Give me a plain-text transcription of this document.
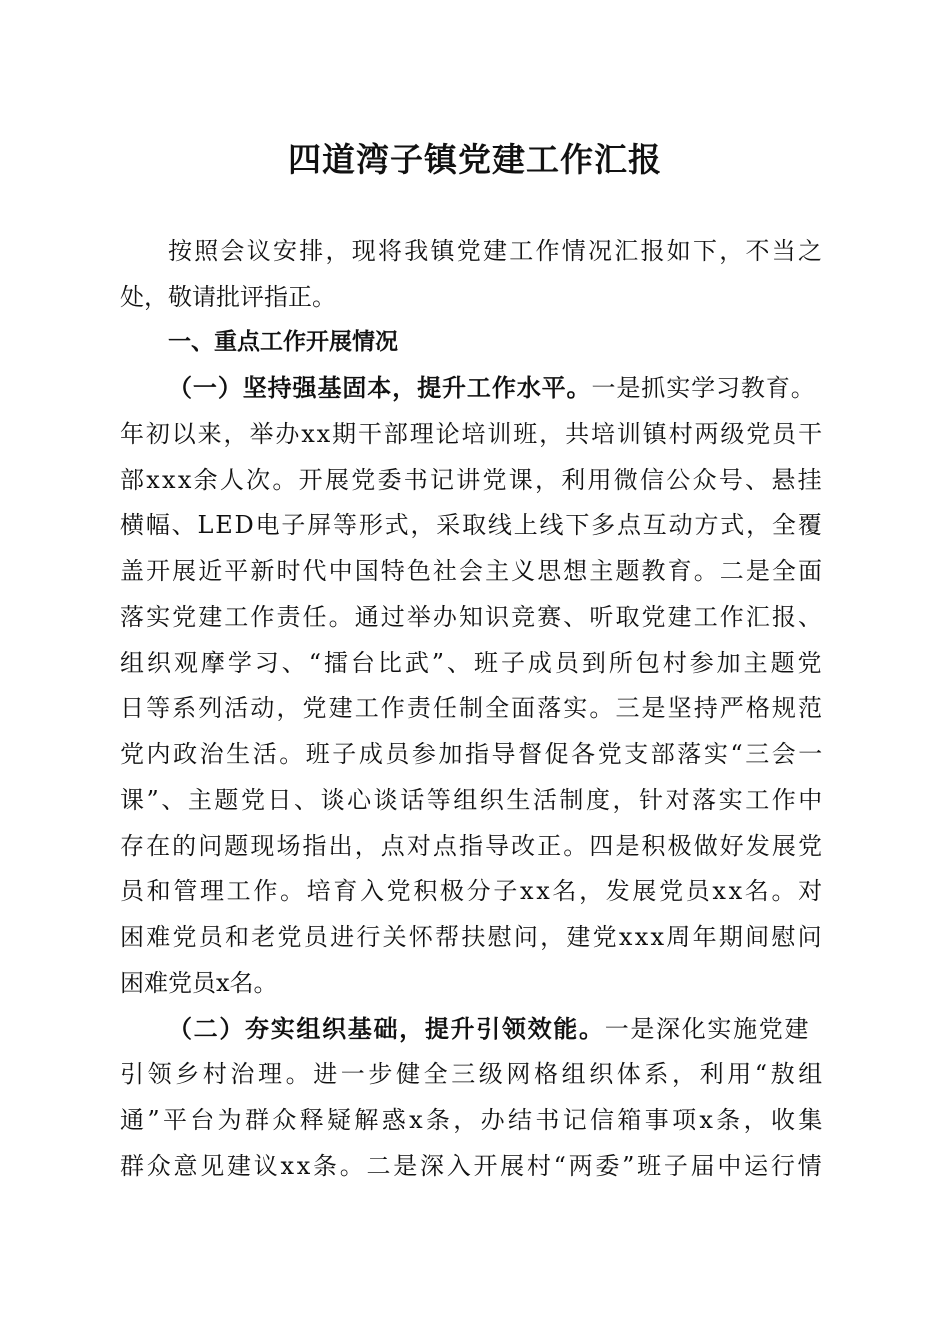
四道湾子镇党建工作汇报
按照会议安排，现将我镇党建工作情况汇报如下，不当之
处，敬请批评指正。
一、重点工作开展情况
（一）坚持强基固本，提升工作水平。一是抓实学习教育。
年初以来，举办xx期干部理论培训班，共培训镇村两级党员干
部xxx余人次。开展党委书记讲党课，利用微信公众号、悬挂
横幅、LED电子屏等形式，采取线上线下多点互动方式，全覆
盖开展近平新时代中国特色社会主义思想主题教育。二是全面
落实党建工作责任。通过举办知识竞赛、听取党建工作汇报、
组织观摩学习、“擂台比武”、班子成员到所包村参加主题党
日等系列活动，党建工作责任制全面落实。三是坚持严格规范
党内政治生活。班子成员参加指导督促各党支部落实“三会一
课”、主题党日、谈心谈话等组织生活制度，针对落实工作中
存在的问题现场指出，点对点指导改正。四是积极做好发展党
员和管理工作。培育入党积极分子xx名，发展党员xx名。对
困难党员和老党员进行关怀帮扶慰问，建党xxx周年期间慰问
困难党员x名。
（二）夯实组织基础，提升引领效能。一是深化实施党建
引领乡村治理。进一步健全三级网格组织体系，利用“敖组
通”平台为群众释疑解惑x条，办结书记信箱事项x条，收集
群众意见建议xx条。二是深入开展村“两委”班子届中运行情
